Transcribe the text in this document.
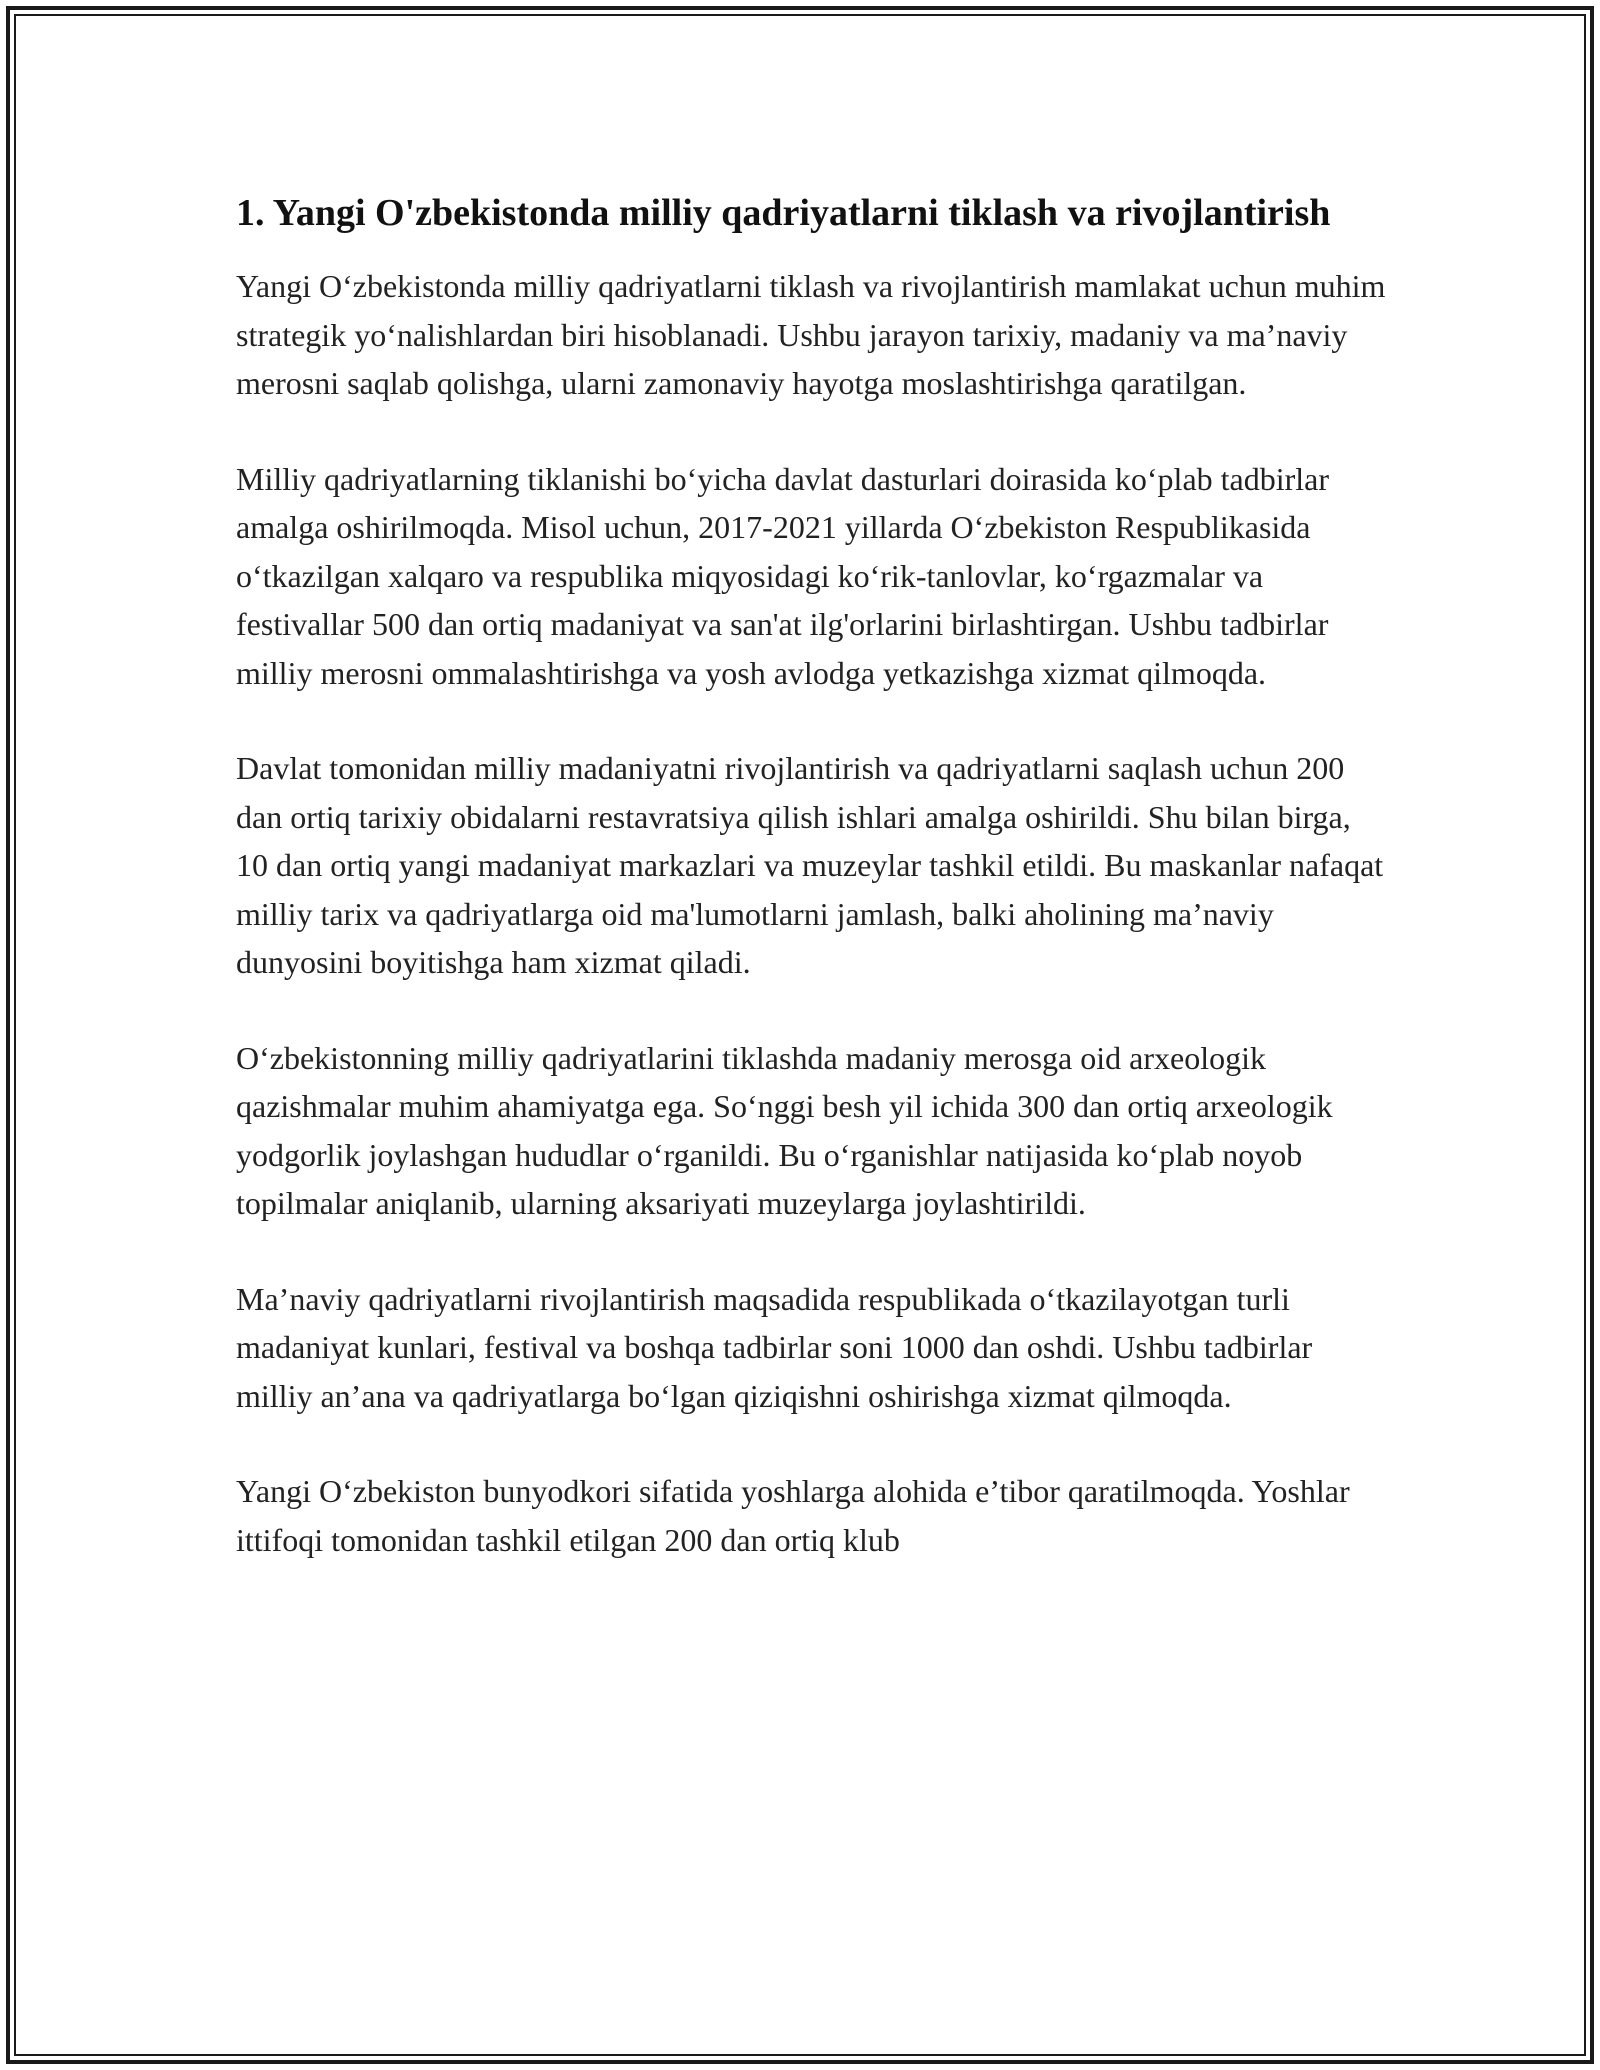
1. Yangi O'zbekistonda milliy qadriyatlarni tiklash va rivojlantirish

Yangi O‘zbekistonda milliy qadriyatlarni tiklash va rivojlantirish mamlakat uchun muhim strategik yo‘nalishlardan biri hisoblanadi. Ushbu jarayon tarixiy, madaniy va ma’naviy merosni saqlab qolishga, ularni zamonaviy hayotga moslashtirishga qaratilgan.

Milliy qadriyatlarning tiklanishi bo‘yicha davlat dasturlari doirasida ko‘plab tadbirlar amalga oshirilmoqda. Misol uchun, 2017-2021 yillarda O‘zbekiston Respublikasida o‘tkazilgan xalqaro va respublika miqyosidagi ko‘rik-tanlovlar, ko‘rgazmalar va festivallar 500 dan ortiq madaniyat va san'at ilg'orlarini birlashtirgan. Ushbu tadbirlar milliy merosni ommalashtirishga va yosh avlodga yetkazishga xizmat qilmoqda.

Davlat tomonidan milliy madaniyatni rivojlantirish va qadriyatlarni saqlash uchun 200 dan ortiq tarixiy obidalarni restavratsiya qilish ishlari amalga oshirildi. Shu bilan birga, 10 dan ortiq yangi madaniyat markazlari va muzeylar tashkil etildi. Bu maskanlar nafaqat milliy tarix va qadriyatlarga oid ma'lumotlarni jamlash, balki aholining ma’naviy dunyosini boyitishga ham xizmat qiladi.

O‘zbekistonning milliy qadriyatlarini tiklashda madaniy merosga oid arxeologik qazishmalar muhim ahamiyatga ega. So‘nggi besh yil ichida 300 dan ortiq arxeologik yodgorlik joylashgan hududlar o‘rganildi. Bu o‘rganishlar natijasida ko‘plab noyob topilmalar aniqlanib, ularning aksariyati muzeylarga joylashtirildi.

Ma’naviy qadriyatlarni rivojlantirish maqsadida respublikada o‘tkazilayotgan turli madaniyat kunlari, festival va boshqa tadbirlar soni 1000 dan oshdi. Ushbu tadbirlar milliy an’ana va qadriyatlarga bo‘lgan qiziqishni oshirishga xizmat qilmoqda.

Yangi O‘zbekiston bunyodkori sifatida yoshlarga alohida e’tibor qaratilmoqda. Yoshlar ittifoqi tomonidan tashkil etilgan 200 dan ortiq klub
